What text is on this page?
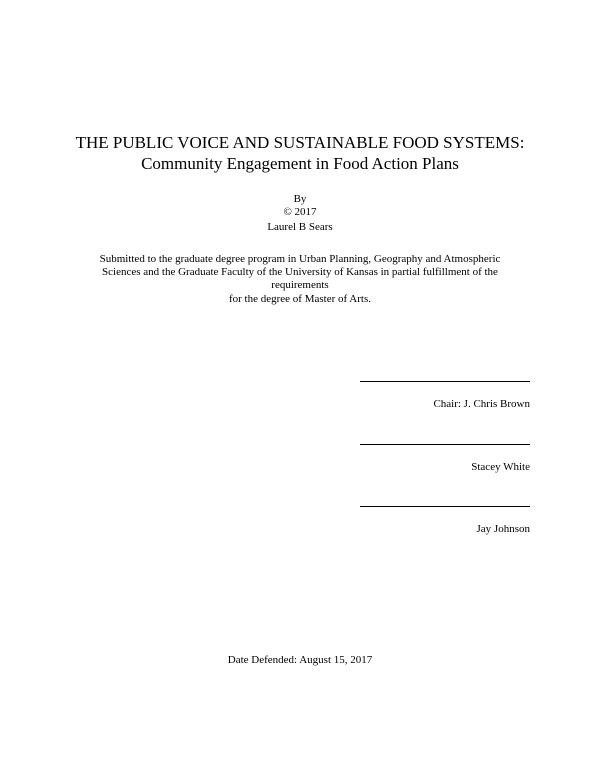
THE PUBLIC VOICE AND SUSTAINABLE FOOD SYSTEMS:
Community Engagement in Food Action Plans
By
© 2017
Laurel B Sears
Submitted to the graduate degree program in Urban Planning, Geography and Atmospheric
Sciences and the Graduate Faculty of the University of Kansas in partial fulfillment of the
requirements
for the degree of Master of Arts.
Chair: J. Chris Brown
Stacey White
Jay Johnson
Date Defended: August 15, 2017
